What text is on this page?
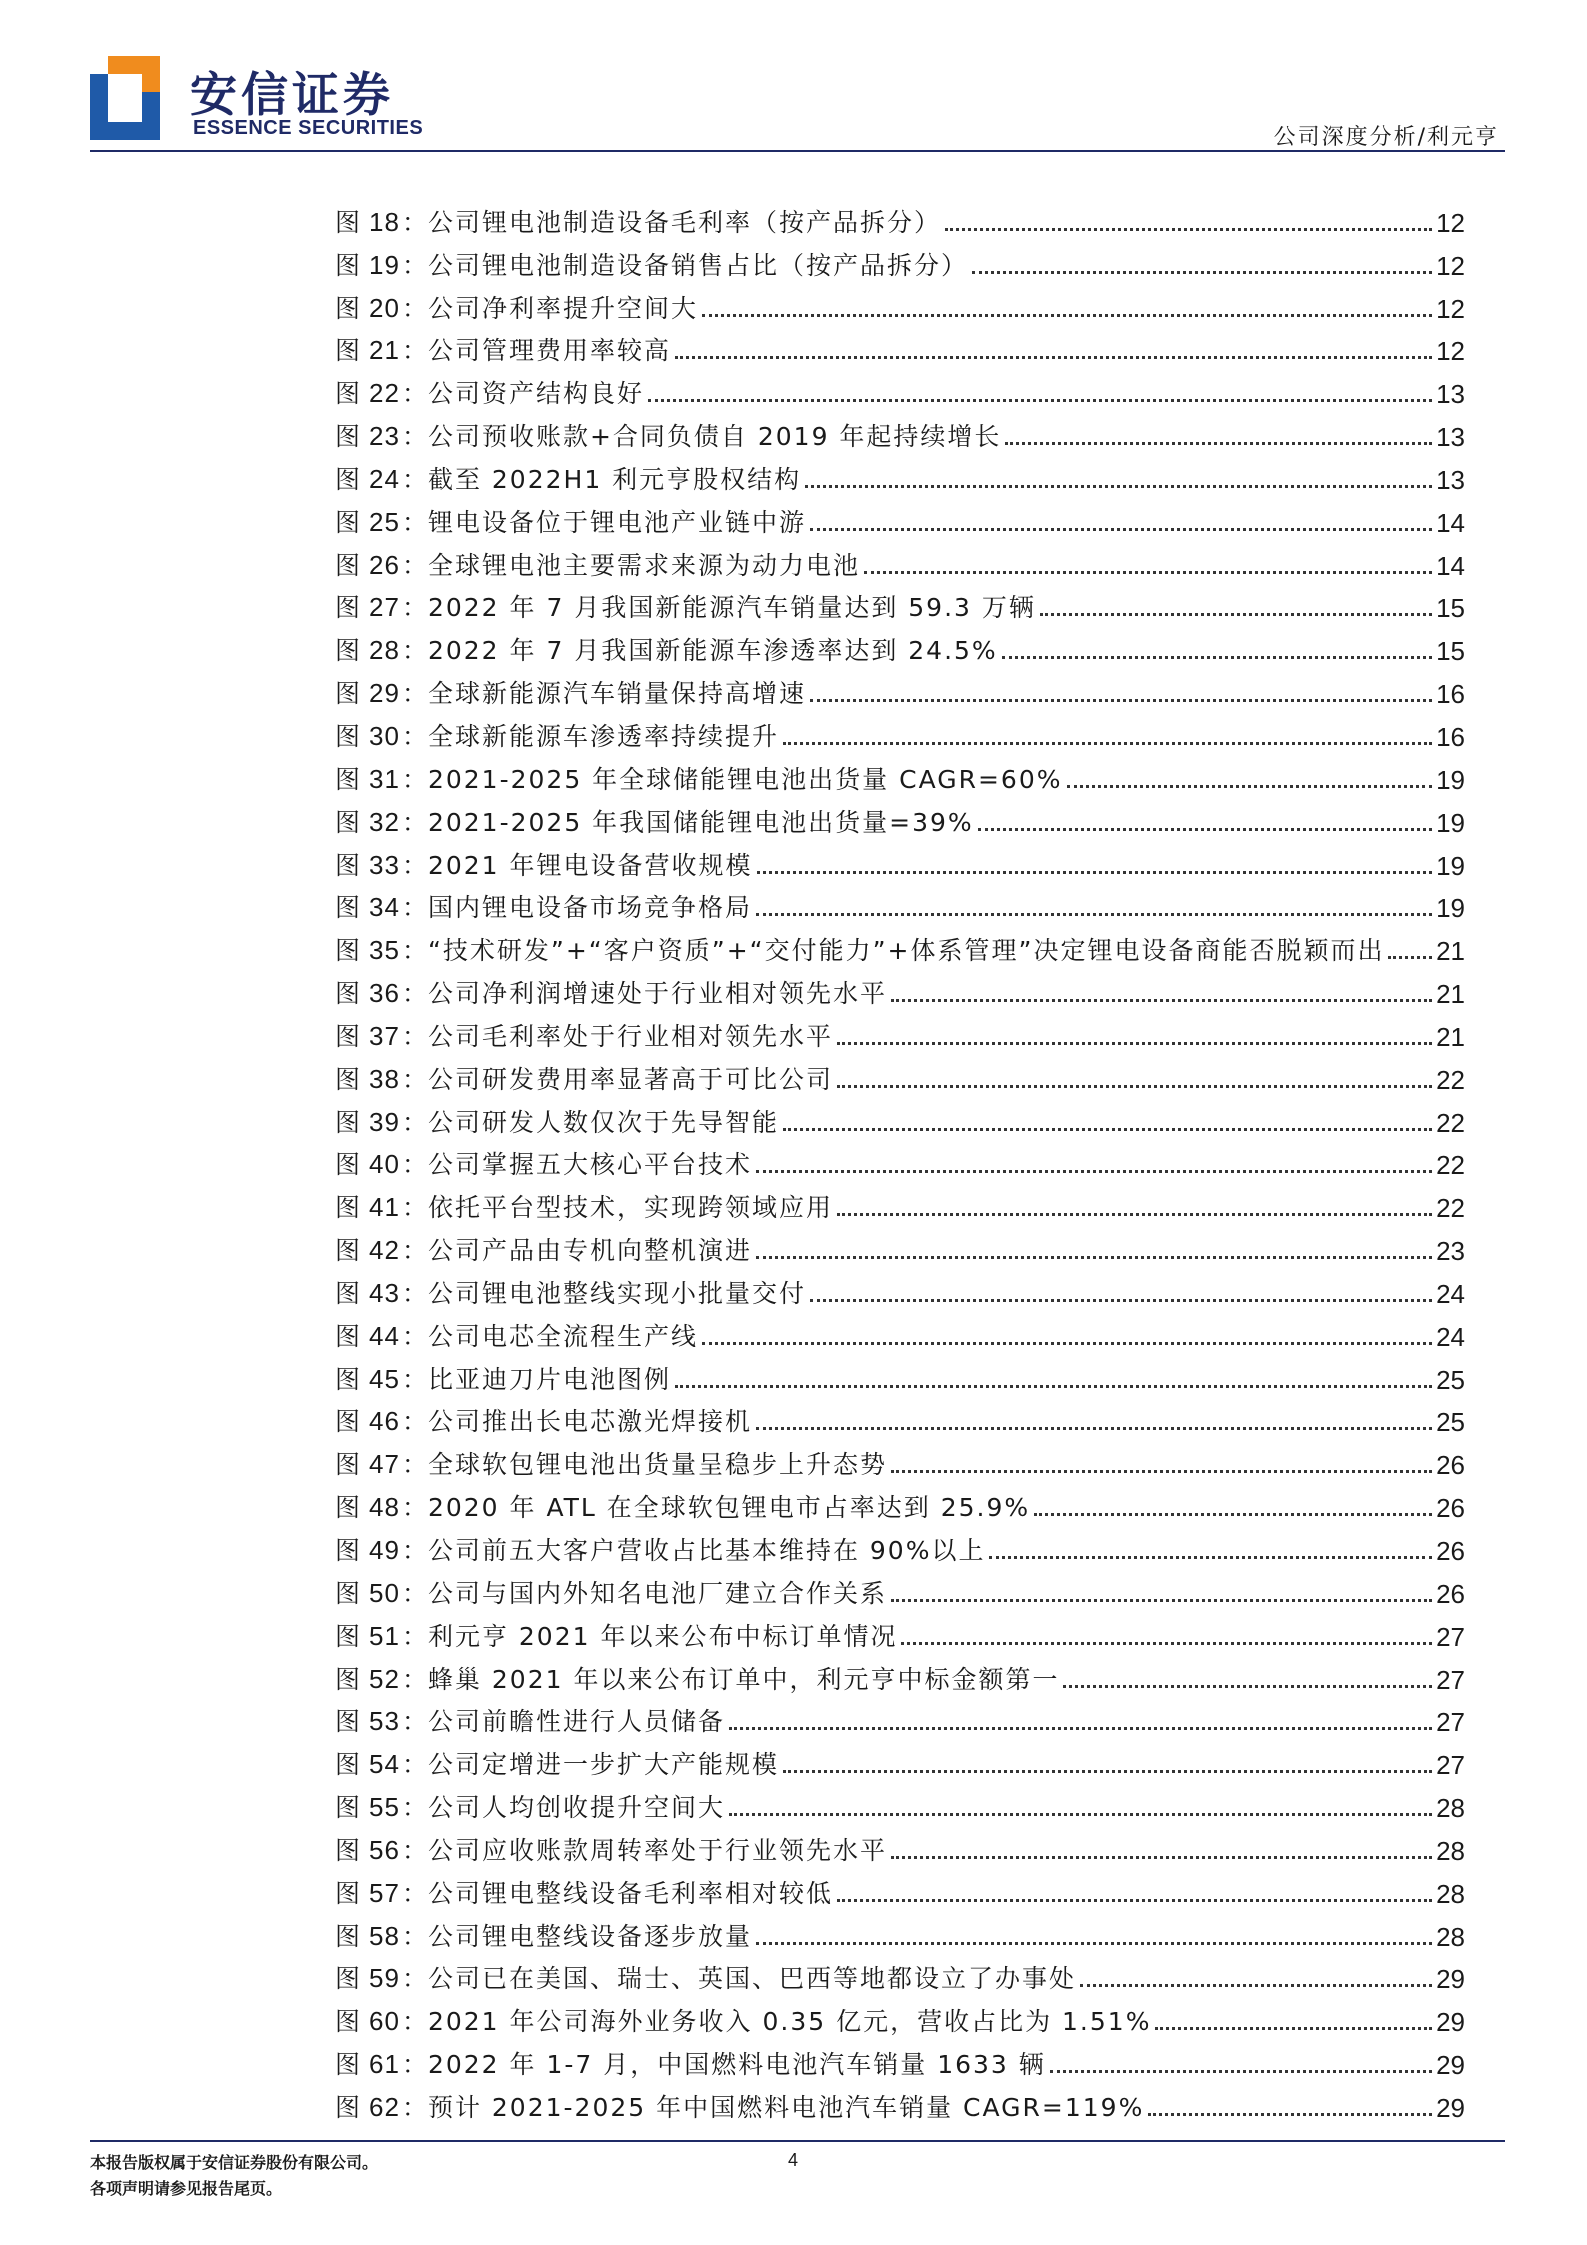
安信证券
ESSENCE SECURITIES	公司深度分析/利元亨
图 18： 公司锂电池制造设备毛利率（按产品拆分）	12
图 19： 公司锂电池制造设备销售占比（按产品拆分）	12
图 20： 公司净利率提升空间大	12
图 21： 公司管理费用率较高	12
图 22： 公司资产结构良好	13
图 23： 公司预收账款+合同负债自 2019 年起持续增长	13
图 24： 截至 2022H1 利元亨股权结构	13
图 25： 锂电设备位于锂电池产业链中游	14
图 26： 全球锂电池主要需求来源为动力电池	14
图 27： 2022 年 7 月我国新能源汽车销量达到 59.3 万辆	15
图 28： 2022 年 7 月我国新能源车渗透率达到 24.5%	15
图 29： 全球新能源汽车销量保持高增速	16
图 30： 全球新能源车渗透率持续提升	16
图 31： 2021-2025 年全球储能锂电池出货量 CAGR=60%	19
图 32： 2021-2025 年我国储能锂电池出货量=39%	19
图 33： 2021 年锂电设备营收规模	19
图 34： 国内锂电设备市场竞争格局	19
图 35： “技术研发”+“客户资质”+“交付能力”+体系管理”决定锂电设备商能否脱颖而出 21
图 36： 公司净利润增速处于行业相对领先水平	21
图 37： 公司毛利率处于行业相对领先水平	21
图 38： 公司研发费用率显著高于可比公司	22
图 39： 公司研发人数仅次于先导智能	22
图 40： 公司掌握五大核心平台技术	22
图 41： 依托平台型技术，实现跨领域应用	22
图 42： 公司产品由专机向整机演进	23
图 43： 公司锂电池整线实现小批量交付	24
图 44： 公司电芯全流程生产线	24
图 45： 比亚迪刀片电池图例	25
图 46： 公司推出长电芯激光焊接机	25
图 47： 全球软包锂电池出货量呈稳步上升态势	26
图 48： 2020 年 ATL 在全球软包锂电市占率达到 25.9%	26
图 49： 公司前五大客户营收占比基本维持在 90%以上	26
图 50： 公司与国内外知名电池厂建立合作关系	26
图 51： 利元亨 2021 年以来公布中标订单情况	27
图 52： 蜂巢 2021 年以来公布订单中，利元亨中标金额第一	27
图 53： 公司前瞻性进行人员储备	27
图 54： 公司定增进一步扩大产能规模	27
图 55： 公司人均创收提升空间大	28
图 56： 公司应收账款周转率处于行业领先水平	28
图 57： 公司锂电整线设备毛利率相对较低	28
图 58： 公司锂电整线设备逐步放量	28
图 59： 公司已在美国、瑞士、英国、巴西等地都设立了办事处	29
图 60： 2021 年公司海外业务收入 0.35 亿元，营收占比为 1.51%	29
图 61： 2022 年 1-7 月，中国燃料电池汽车销量 1633 辆	29
图 62： 预计 2021-2025 年中国燃料电池汽车销量 CAGR=119%	29
本报告版权属于安信证券股份有限公司。
各项声明请参见报告尾页。
4
